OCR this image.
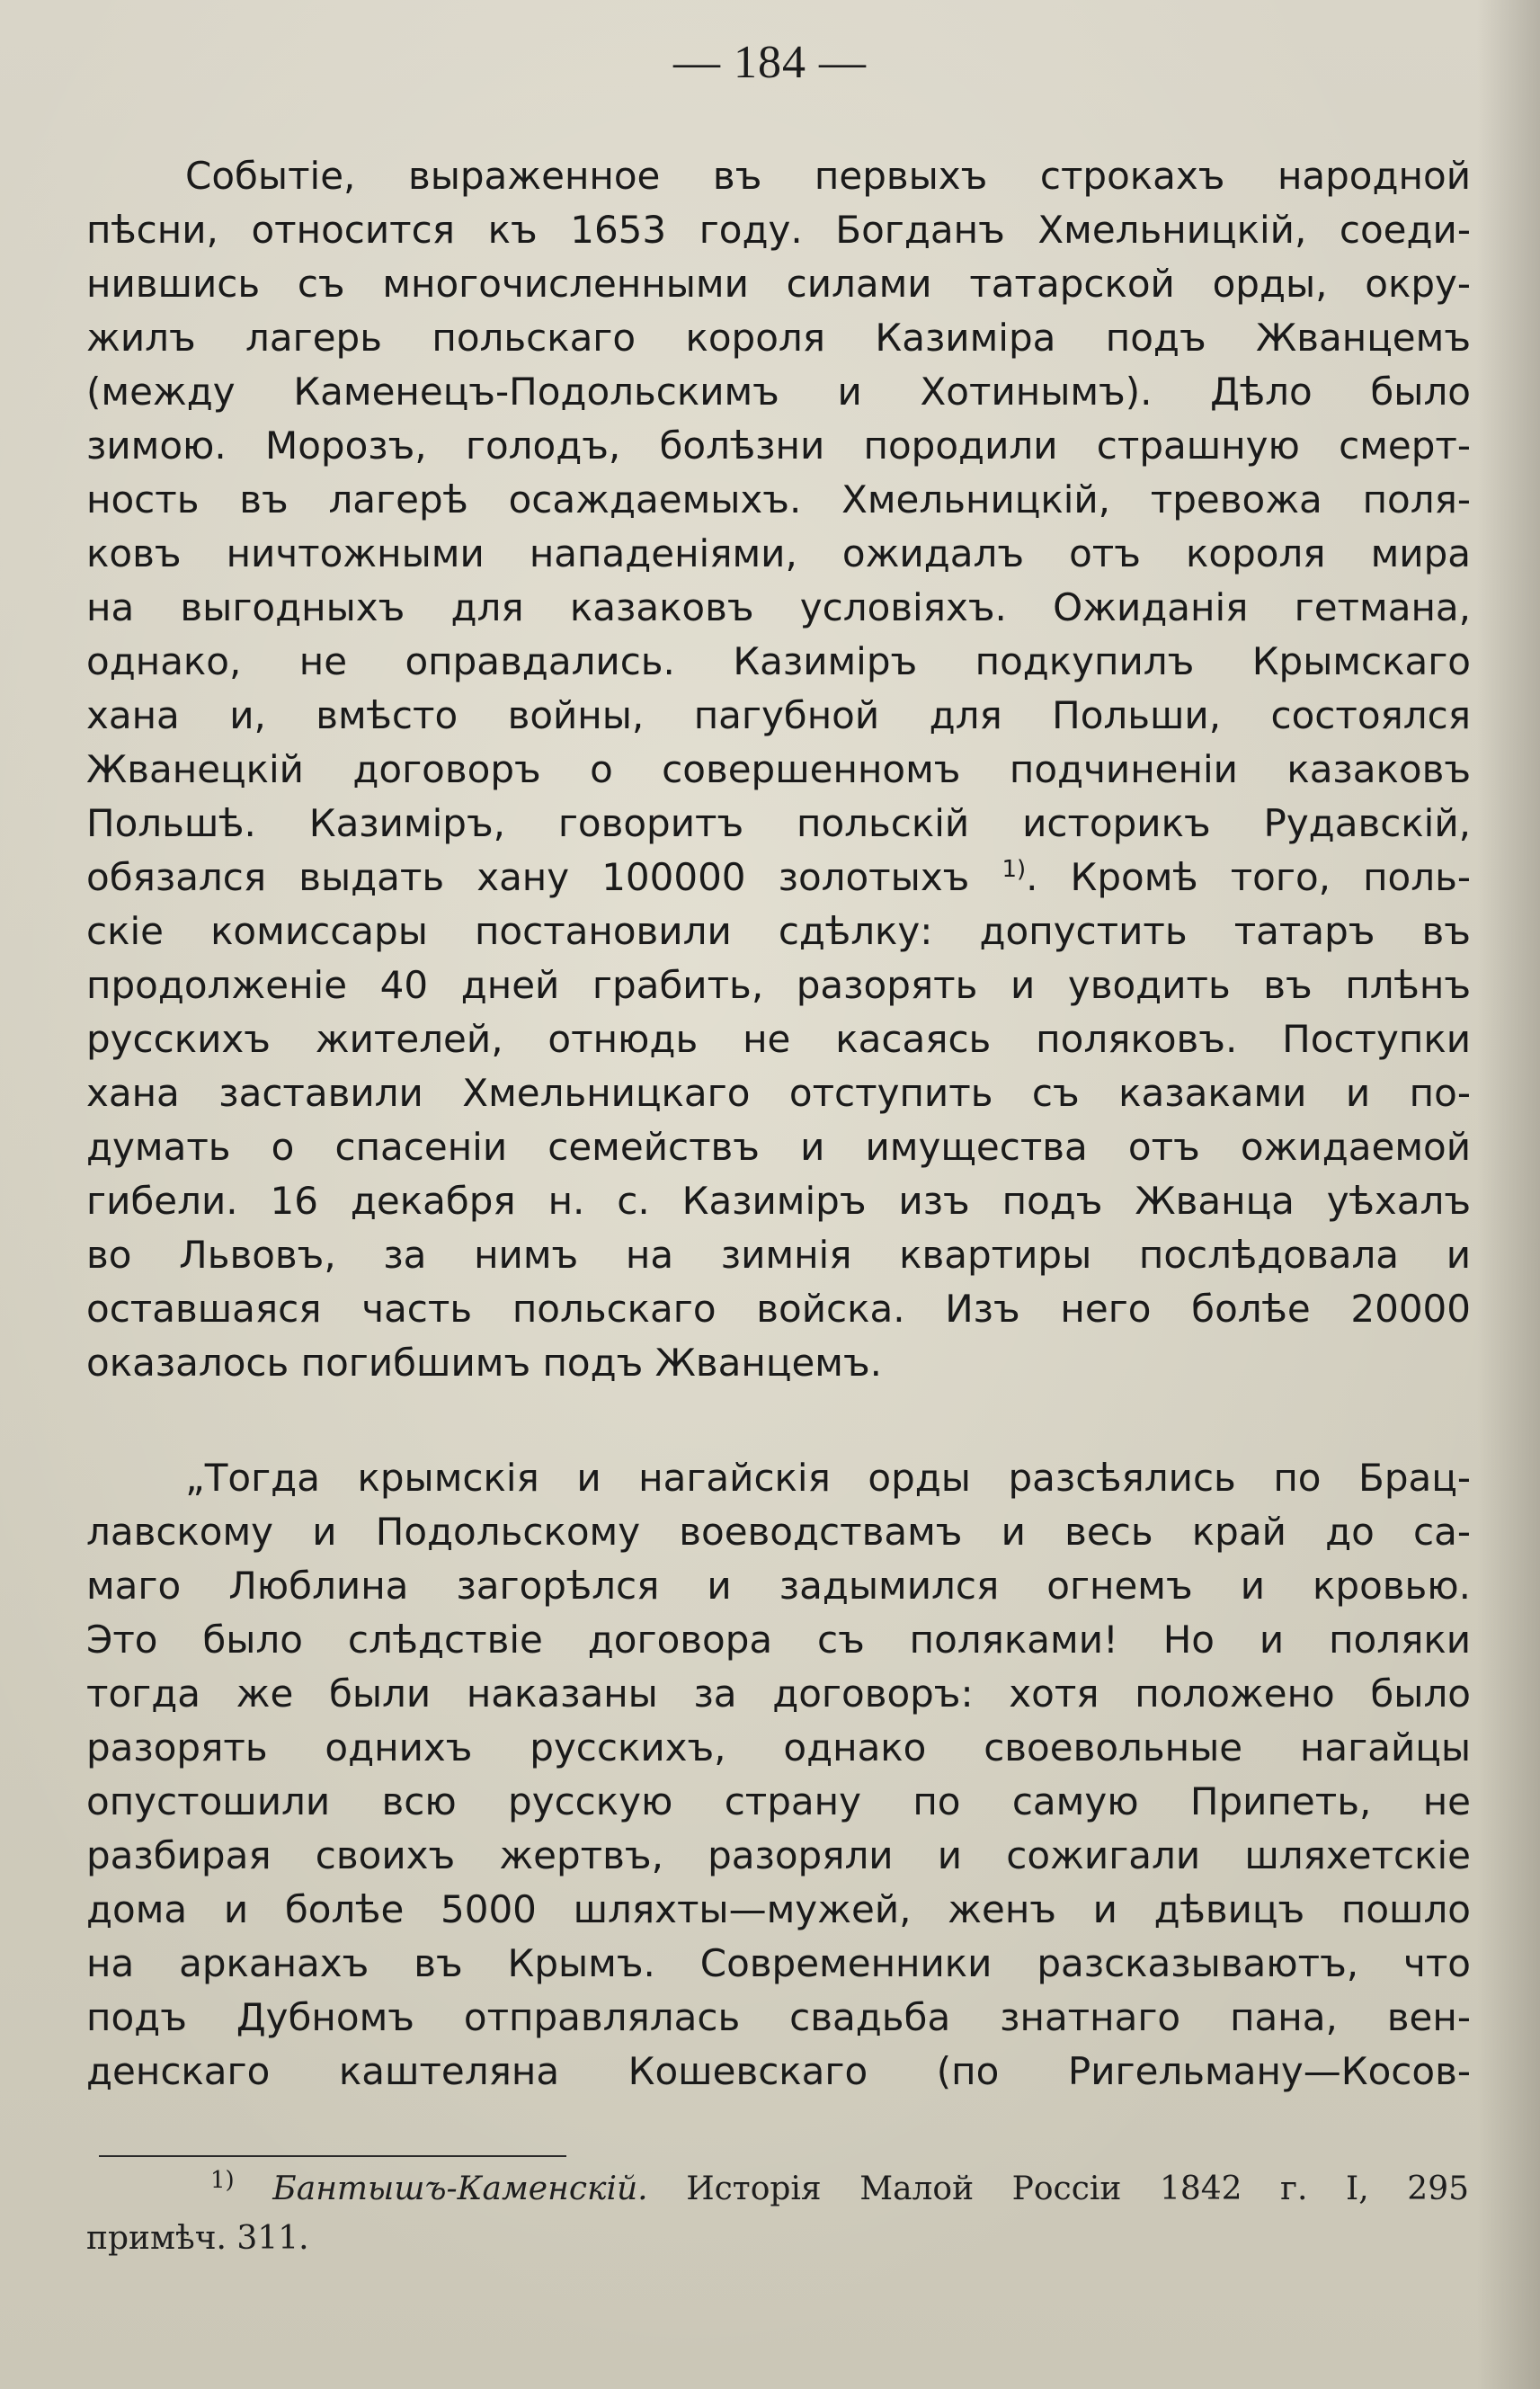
— 184 —
Событіе, выраженное въ первыхъ строкахъ народной
пѣсни, относится къ 1653 году. Богданъ Хмельницкій, соеди-
нившись съ многочисленными силами татарской орды, окру-
жилъ лагерь польскаго короля Казиміра подъ Жванцемъ
(между Каменецъ-Подольскимъ и Хотинымъ). Дѣло было
зимою. Морозъ, голодъ, болѣзни породили страшную смерт-
ность въ лагерѣ осаждаемыхъ. Хмельницкій, тревожа поля-
ковъ ничтожными нападеніями, ожидалъ отъ короля мира
на выгодныхъ для казаковъ условіяхъ. Ожиданія гетмана,
однако, не оправдались. Казиміръ подкупилъ Крымскаго
хана и, вмѣсто войны, пагубной для Польши, состоялся
Жванецкій договоръ о совершенномъ подчиненіи казаковъ
Польшѣ. Казиміръ, говоритъ польскій историкъ Рудавскій,
обязался выдать хану 100000 золотыхъ $^{1)}$. Кромѣ того, поль-
скіе комиссары постановили сдѣлку: допустить татаръ въ
продолженіе 40 дней грабить, разорять и уводить въ плѣнъ
русскихъ жителей, отнюдь не касаясь поляковъ. Поступки
хана заставили Хмельницкаго отступить съ казаками и по-
думать о спасеніи семействъ и имущества отъ ожидаемой
гибели. 16 декабря н. с. Казиміръ изъ подъ Жванца уѣхалъ
во Львовъ, за нимъ на зимнія квартиры послѣдовала и
оставшаяся часть польскаго войска. Изъ него болѣе 20000
оказалось погибшимъ подъ Жванцемъ.
„Тогда крымскія и нагайскія орды разсѣялись по Брац-
лавскому и Подольскому воеводствамъ и весь край до са-
маго Люблина загорѣлся и задымился огнемъ и кровью.
Это было слѣдствіе договора съ поляками! Но и поляки
тогда же были наказаны за договоръ: хотя положено было
разорять однихъ русскихъ, однако своевольные нагайцы
опустошили всю русскую страну по самую Припеть, не
разбирая своихъ жертвъ, разоряли и сожигали шляхетскіе
дома и болѣе 5000 шляхты—мужей, женъ и дѣвицъ пошло
на арканахъ въ Крымъ. Современники разсказываютъ, что
подъ Дубномъ отправлялась свадьба знатнаго пана, вен-
денскаго каштеляна Кошевскаго (по Ригельману—Косов-
$^{1)}$ Бантышъ-Каменскій. Исторія Малой Россіи 1842 г. I, 295
примѣч. 311.
